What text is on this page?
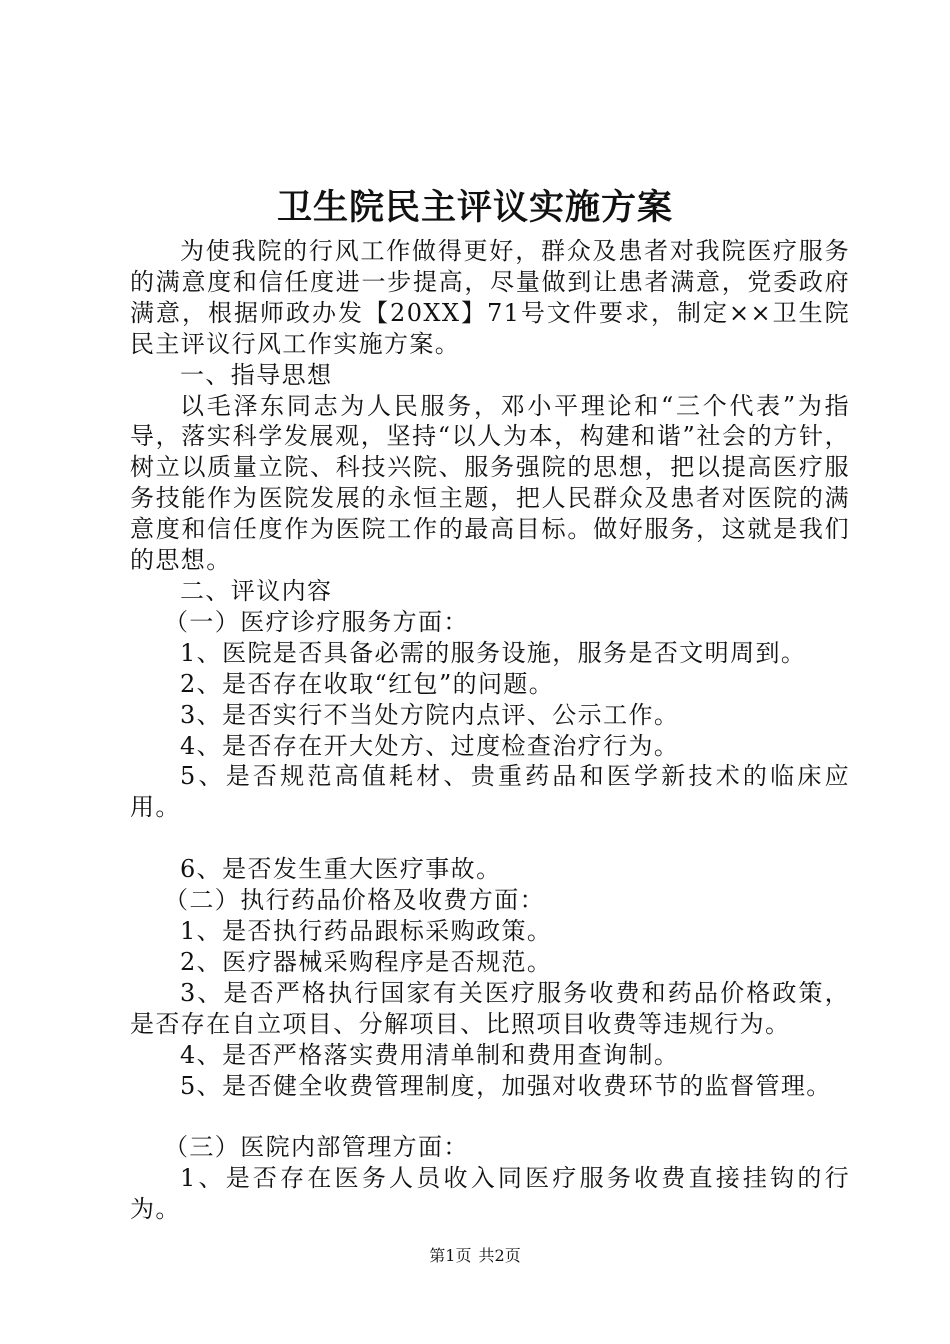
卫生院民主评议实施方案

为使我院的行风工作做得更好，群众及患者对我院医疗服务的满意度和信任度进一步提高，尽量做到让患者满意，党委政府满意，根据师政办发【20XX】71号文件要求，制定××卫生院民主评议行风工作实施方案。

一、指导思想

以毛泽东同志为人民服务，邓小平理论和“三个代表”为指导，落实科学发展观，坚持“以人为本，构建和谐”社会的方针，树立以质量立院、科技兴院、服务强院的思想，把以提高医疗服务技能作为医院发展的永恒主题，把人民群众及患者对医院的满意度和信任度作为医院工作的最高目标。做好服务，这就是我们的思想。

二、评议内容

（一）医疗诊疗服务方面：

1、医院是否具备必需的服务设施，服务是否文明周到。

2、是否存在收取“红包”的问题。

3、是否实行不当处方院内点评、公示工作。

4、是否存在开大处方、过度检查治疗行为。

5、是否规范高值耗材、贵重药品和医学新技术的临床应用。

6、是否发生重大医疗事故。

（二）执行药品价格及收费方面：

1、是否执行药品跟标采购政策。

2、医疗器械采购程序是否规范。

3、是否严格执行国家有关医疗服务收费和药品价格政策，是否存在自立项目、分解项目、比照项目收费等违规行为。

4、是否严格落实费用清单制和费用查询制。

5、是否健全收费管理制度，加强对收费环节的监督管理。

（三）医院内部管理方面：

1、是否存在医务人员收入同医疗服务收费直接挂钩的行为。

第1页 共2页
